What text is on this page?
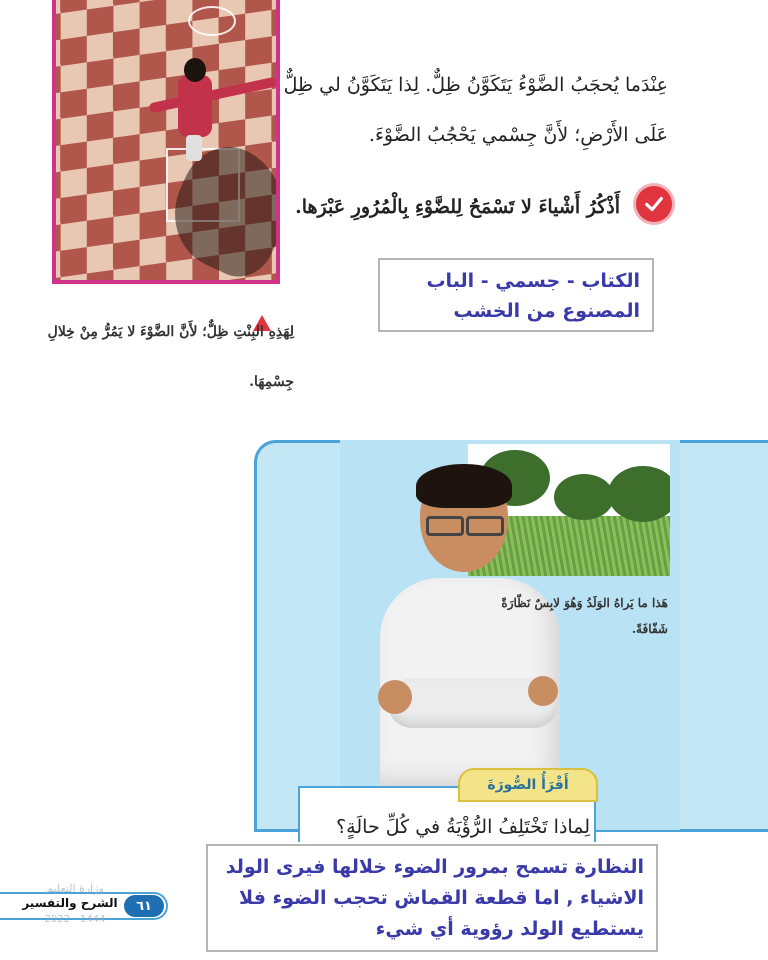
عِنْدَما يُحجَبُ الضَّوْءُ يَتَكَوَّنُ ظِلٌّ. لِذا يَتَكَوَّنُ لي ظِلٌّ عَلَى الأَرْضِ؛ لأَنَّ جِسْمي يَحْجُبُ الضَّوْءَ.
أَذْكُرُ أَشْياءَ لا تَسْمَحُ لِلضَّوْءِ بِالْمُرُورِ عَبْرَها.
الكتاب - جسمي - الباب المصنوع من الخشب
لِهَذِهِ البِنْتِ ظِلٌّ؛ لأَنَّ الضَّوْءَ لا يَمُرُّ مِنْ خِلالِ جِسْمِهَا.
هَذا ما يَراهُ الوَلَدُ وَهُوَ لابِسٌ نَظّارَةً شَفّافَةً.
أَقْرَأُ الصُّورَةَ
لِماذا تَخْتَلِفُ الرُّؤْيَةُ في كُلِّ حالَةٍ؟
النظارة تسمح بمرور الضوء خلالها فيرى الولد الاشياء , اما قطعة القماش تحجب الضوء فلا يستطيع الولد رؤوية أي شيء
وزارة التعليم
الشرح والتفسير
2022 - 1444
٦١
